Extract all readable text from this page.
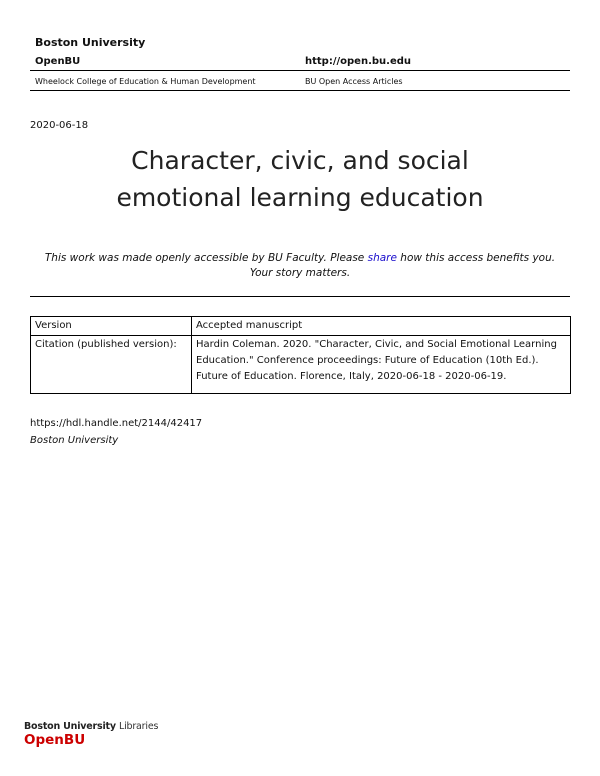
Boston University
OpenBU	http://open.bu.edu
Wheelock College of Education & Human Development	BU Open Access Articles
2020-06-18
Character, civic, and social
emotional learning education
This work was made openly accessible by BU Faculty. Please share how this access benefits you.
Your story matters.
Version	Accepted manuscript
Citation (published version):	Hardin Coleman. 2020. "Character, Civic, and Social Emotional Learning Education." Conference proceedings: Future of Education (10th Ed.). Future of Education. Florence, Italy, 2020-06-18 - 2020-06-19.
https://hdl.handle.net/2144/42417
Boston University
Boston University Libraries
OpenBU
